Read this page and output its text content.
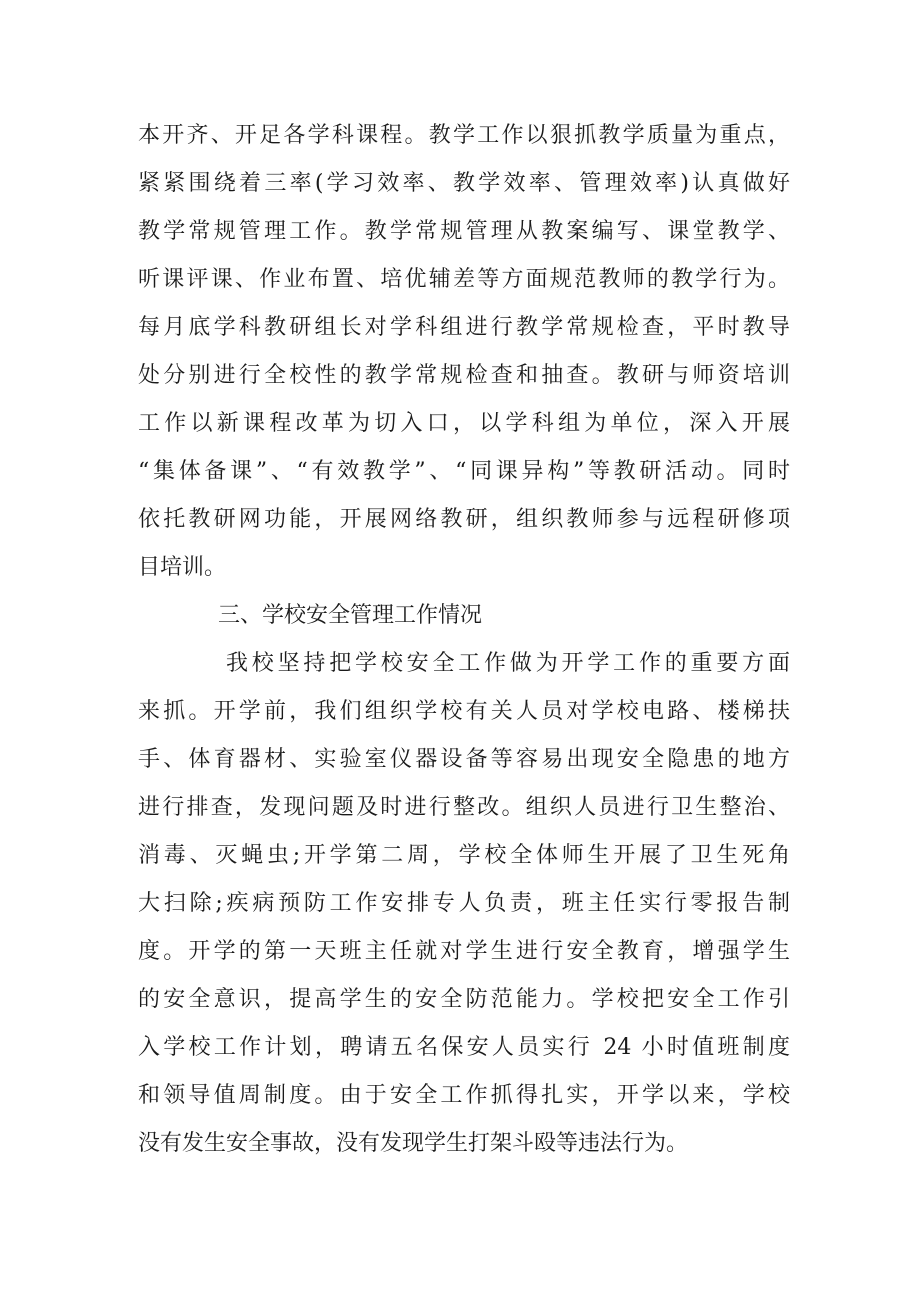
本开齐、开足各学科课程。教学工作以狠抓教学质量为重点，
紧紧围绕着三率(学习效率、教学效率、管理效率)认真做好
教学常规管理工作。教学常规管理从教案编写、课堂教学、
听课评课、作业布置、培优辅差等方面规范教师的教学行为。
每月底学科教研组长对学科组进行教学常规检查，平时教导
处分别进行全校性的教学常规检查和抽查。教研与师资培训
工作以新课程改革为切入口，以学科组为单位，深入开展
“集体备课”、“有效教学”、“同课异构”等教研活动。同时
依托教研网功能，开展网络教研，组织教师参与远程研修项
目培训。
三、学校安全管理工作情况
我校坚持把学校安全工作做为开学工作的重要方面
来抓。开学前，我们组织学校有关人员对学校电路、楼梯扶
手、体育器材、实验室仪器设备等容易出现安全隐患的地方
进行排查，发现问题及时进行整改。组织人员进行卫生整治、
消毒、灭蝇虫;开学第二周，学校全体师生开展了卫生死角
大扫除;疾病预防工作安排专人负责，班主任实行零报告制
度。开学的第一天班主任就对学生进行安全教育，增强学生
的安全意识，提高学生的安全防范能力。学校把安全工作引
入学校工作计划，聘请五名保安人员实行 24 小时值班制度
和领导值周制度。由于安全工作抓得扎实，开学以来，学校
没有发生安全事故，没有发现学生打架斗殴等违法行为。
